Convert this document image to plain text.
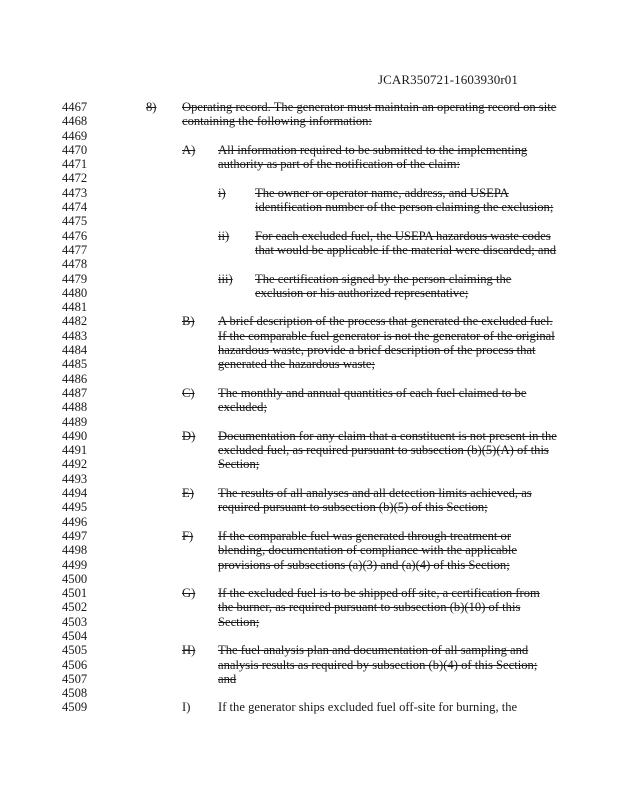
JCAR350721-1603930r01
4467	8) Operating record. The generator must maintain an operating record on site
4468	containing the following information:
4469
4470	A) All information required to be submitted to the implementing
4471	authority as part of the notification of the claim:
4472
4473	i) The owner or operator name, address, and USEPA
4474	identification number of the person claiming the exclusion;
4475
4476	ii) For each excluded fuel, the USEPA hazardous waste codes
4477	that would be applicable if the material were discarded; and
4478
4479	iii) The certification signed by the person claiming the
4480	exclusion or his authorized representative;
4481
4482	B) A brief description of the process that generated the excluded fuel.
4483	If the comparable fuel generator is not the generator of the original
4484	hazardous waste, provide a brief description of the process that
4485	generated the hazardous waste;
4486
4487	C) The monthly and annual quantities of each fuel claimed to be
4488	excluded;
4489
4490	D) Documentation for any claim that a constituent is not present in the
4491	excluded fuel, as required pursuant to subsection (b)(5)(A) of this
4492	Section;
4493
4494	E) The results of all analyses and all detection limits achieved, as
4495	required pursuant to subsection (b)(5) of this Section;
4496
4497	F) If the comparable fuel was generated through treatment or
4498	blending, documentation of compliance with the applicable
4499	provisions of subsections (a)(3) and (a)(4) of this Section;
4500
4501	G) If the excluded fuel is to be shipped off site, a certification from
4502	the burner, as required pursuant to subsection (b)(10) of this
4503	Section;
4504
4505	H) The fuel analysis plan and documentation of all sampling and
4506	analysis results as required by subsection (b)(4) of this Section;
4507	and
4508
4509	I) If the generator ships excluded fuel off-site for burning, the
